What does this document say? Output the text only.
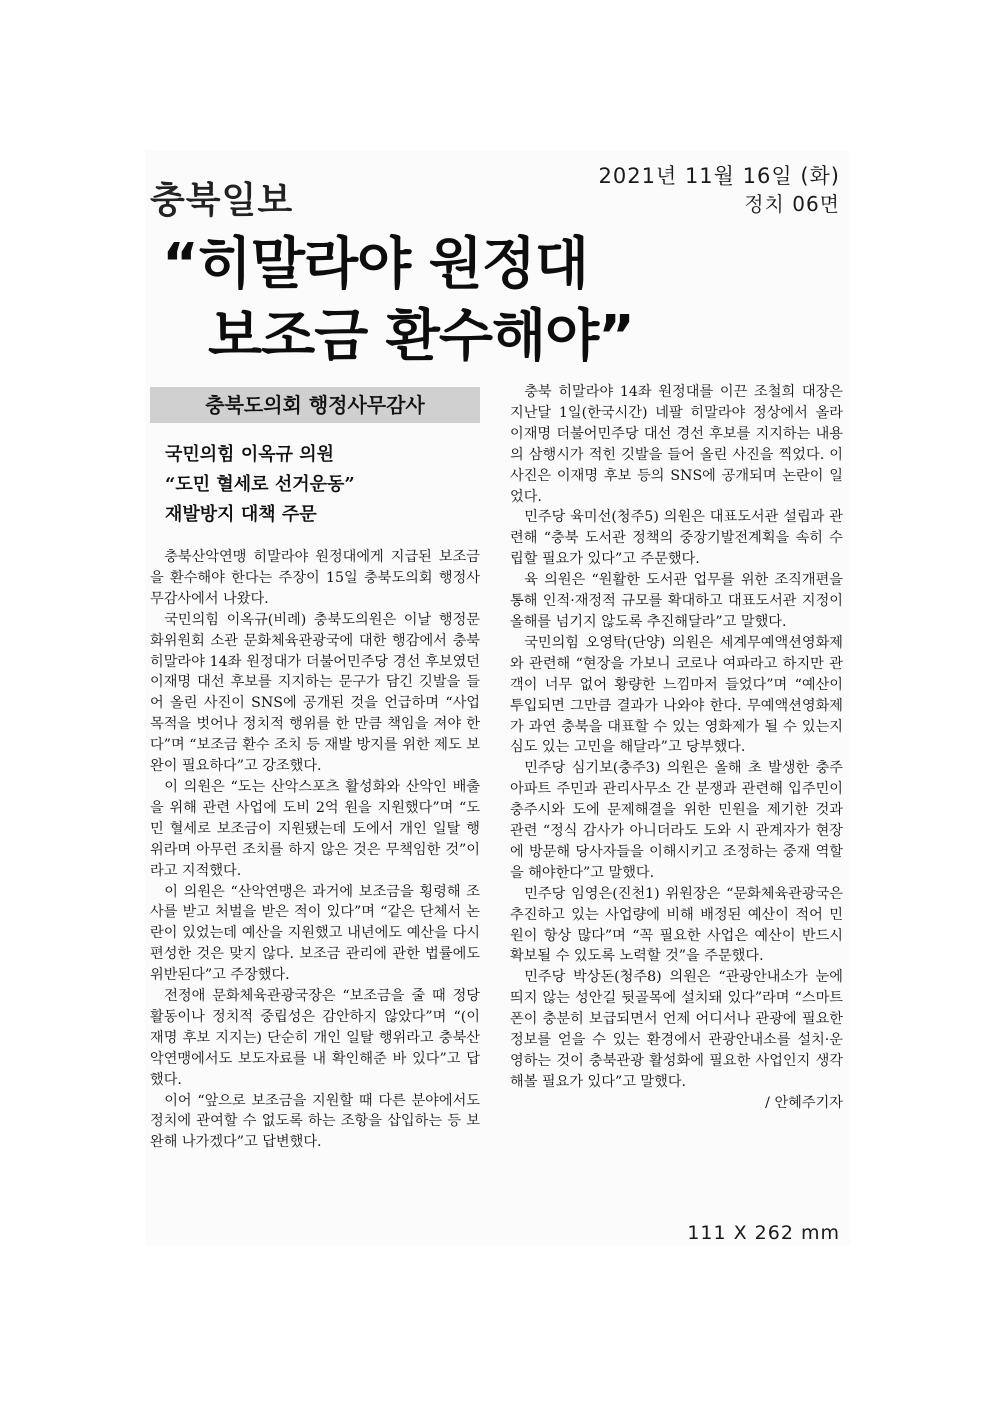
2021년 11월 16일 (화)
정치 06면
충북일보
“히말라야 원정대
보조금 환수해야”
충북도의회 행정사무감사
국민의힘 이옥규 의원
“도민 혈세로 선거운동”
재발방지 대책 주문

충북산악연맹 히말라야 원정대에게 지급된 보조금을 환수해야 한다는 주장이 15일 충북도의회 행정사무감사에서 나왔다.

국민의힘 이옥규(비례) 충북도의원은 이날 행정문화위원회 소관 문화체육관광국에 대한 행감에서 충북 히말라야 14좌 원정대가 더불어민주당 경선 후보였던 이재명 대선 후보를 지지하는 문구가 담긴 깃발을 들어 올린 사진이 SNS에 공개된 것을 언급하며 “사업목적을 벗어나 정치적 행위를 한 만큼 책임을 져야 한다”며 “보조금 환수 조치 등 재발 방지를 위한 제도 보완이 필요하다”고 강조했다.

이 의원은 “도는 산악스포츠 활성화와 산악인 배출을 위해 관련 사업에 도비 2억 원을 지원했다”며 “도민 혈세로 보조금이 지원됐는데 도에서 개인 일탈 행위라며 아무런 조치를 하지 않은 것은 무책임한 것”이라고 지적했다.

이 의원은 “산악연맹은 과거에 보조금을 횡령해 조사를 받고 처벌을 받은 적이 있다”며 “같은 단체서 논란이 있었는데 예산을 지원했고 내년에도 예산을 다시 편성한 것은 맞지 않다. 보조금 관리에 관한 법률에도 위반된다”고 주장했다.

전정애 문화체육관광국장은 “보조금을 줄 때 정당 활동이나 정치적 중립성은 감안하지 않았다”며 “(이재명 후보 지지는) 단순히 개인 일탈 행위라고 충북산악연맹에서도 보도자료를 내 확인해준 바 있다”고 답했다.

이어 “앞으로 보조금을 지원할 때 다른 분야에서도 정치에 관여할 수 없도록 하는 조항을 삽입하는 등 보완해 나가겠다”고 답변했다.

충북 히말라야 14좌 원정대를 이끈 조철희 대장은 지난달 1일(한국시간) 네팔 히말라야 정상에서 올라 이재명 더불어민주당 대선 경선 후보를 지지하는 내용의 삼행시가 적힌 깃발을 들어 올린 사진을 찍었다. 이 사진은 이재명 후보 등의 SNS에 공개되며 논란이 일었다.

민주당 육미선(청주5) 의원은 대표도서관 설립과 관련해 “충북 도서관 정책의 중장기발전계획을 속히 수립할 필요가 있다”고 주문했다.

육 의원은 “원활한 도서관 업무를 위한 조직개편을 통해 인적·재정적 규모를 확대하고 대표도서관 지정이 올해를 넘기지 않도록 추진해달라”고 말했다.

국민의힘 오영탁(단양) 의원은 세계무예액션영화제와 관련해 “현장을 가보니 코로나 여파라고 하지만 관객이 너무 없어 황량한 느낌마저 들었다”며 “예산이 투입되면 그만큼 결과가 나와야 한다. 무예액션영화제가 과연 충북을 대표할 수 있는 영화제가 될 수 있는지 심도 있는 고민을 해달라”고 당부했다.

민주당 심기보(충주3) 의원은 올해 초 발생한 충주 아파트 주민과 관리사무소 간 분쟁과 관련해 입주민이 충주시와 도에 문제해결을 위한 민원을 제기한 것과 관련 “정식 감사가 아니더라도 도와 시 관계자가 현장에 방문해 당사자들을 이해시키고 조정하는 중재 역할을 해야한다”고 말했다.

민주당 임영은(진천1) 위원장은 “문화체육관광국은 추진하고 있는 사업량에 비해 배정된 예산이 적어 민원이 항상 많다”며 “꼭 필요한 사업은 예산이 반드시 확보될 수 있도록 노력할 것”을 주문했다.

민주당 박상돈(청주8) 의원은 “관광안내소가 눈에 띄지 않는 성안길 뒷골목에 설치돼 있다”라며 “스마트폰이 충분히 보급되면서 언제 어디서나 관광에 필요한 정보를 얻을 수 있는 환경에서 관광안내소를 설치·운영하는 것이 충북관광 활성화에 필요한 사업인지 생각해볼 필요가 있다”고 말했다.

/ 안혜주기자

111 X 262 mm
